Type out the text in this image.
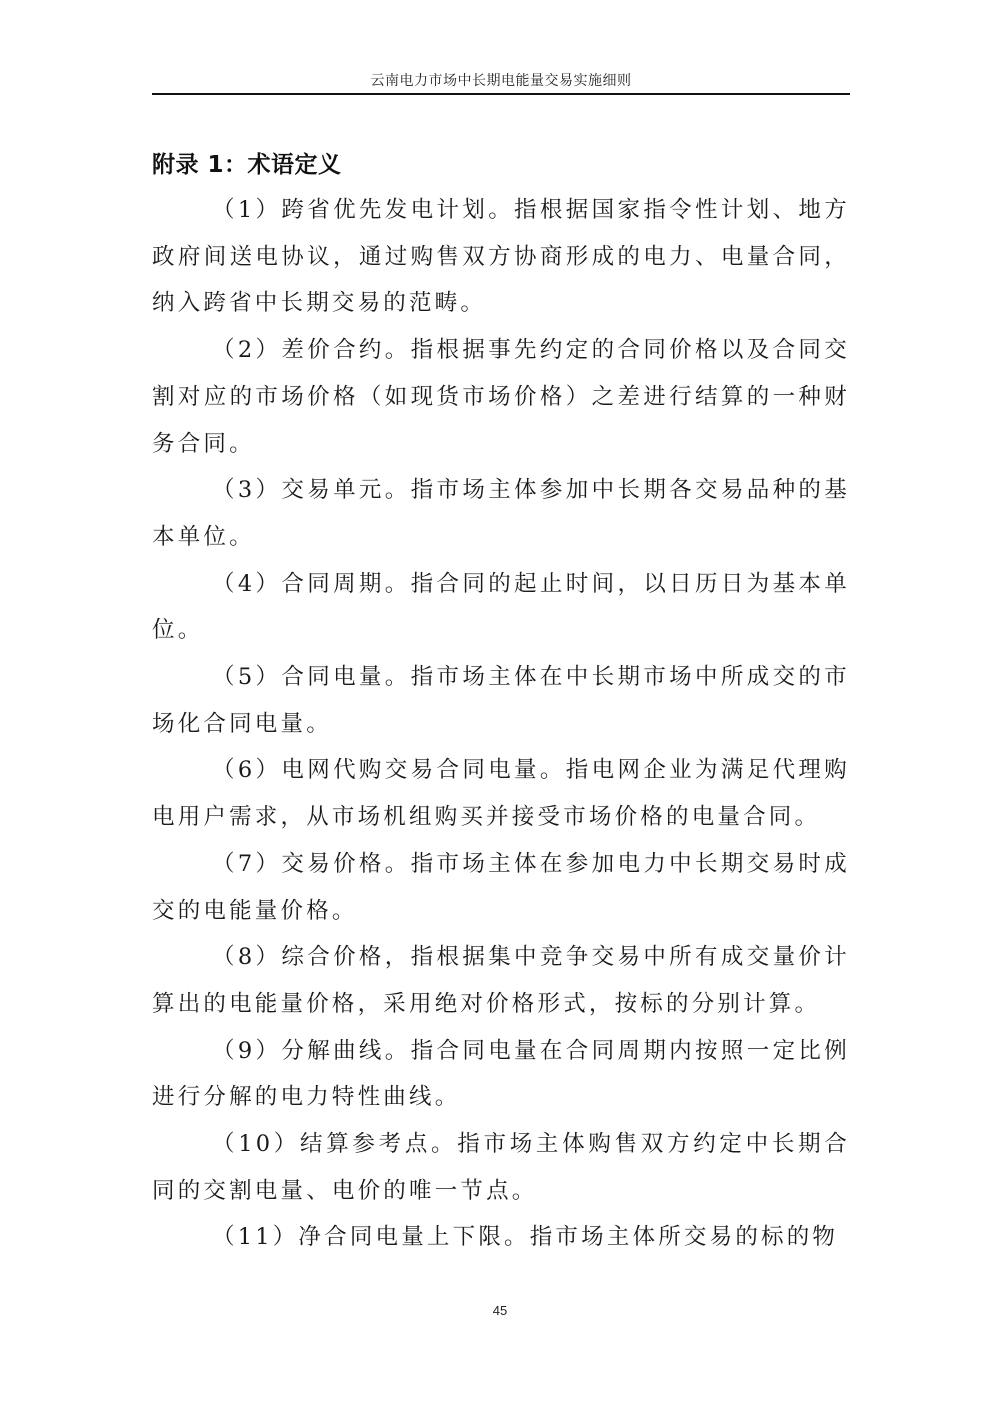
云南电力市场中长期电能量交易实施细则
附录 1：术语定义

（1）跨省优先发电计划。指根据国家指令性计划、地方政府间送电协议，通过购售双方协商形成的电力、电量合同，纳入跨省中长期交易的范畴。

（2）差价合约。指根据事先约定的合同价格以及合同交割对应的市场价格（如现货市场价格）之差进行结算的一种财务合同。

（3）交易单元。指市场主体参加中长期各交易品种的基本单位。

（4）合同周期。指合同的起止时间，以日历日为基本单位。

（5）合同电量。指市场主体在中长期市场中所成交的市场化合同电量。

（6）电网代购交易合同电量。指电网企业为满足代理购电用户需求，从市场机组购买并接受市场价格的电量合同。

（7）交易价格。指市场主体在参加电力中长期交易时成交的电能量价格。

（8）综合价格，指根据集中竞争交易中所有成交量价计算出的电能量价格，采用绝对价格形式，按标的分别计算。

（9）分解曲线。指合同电量在合同周期内按照一定比例进行分解的电力特性曲线。

（10）结算参考点。指市场主体购售双方约定中长期合同的交割电量、电价的唯一节点。

（11）净合同电量上下限。指市场主体所交易的标的物

45
